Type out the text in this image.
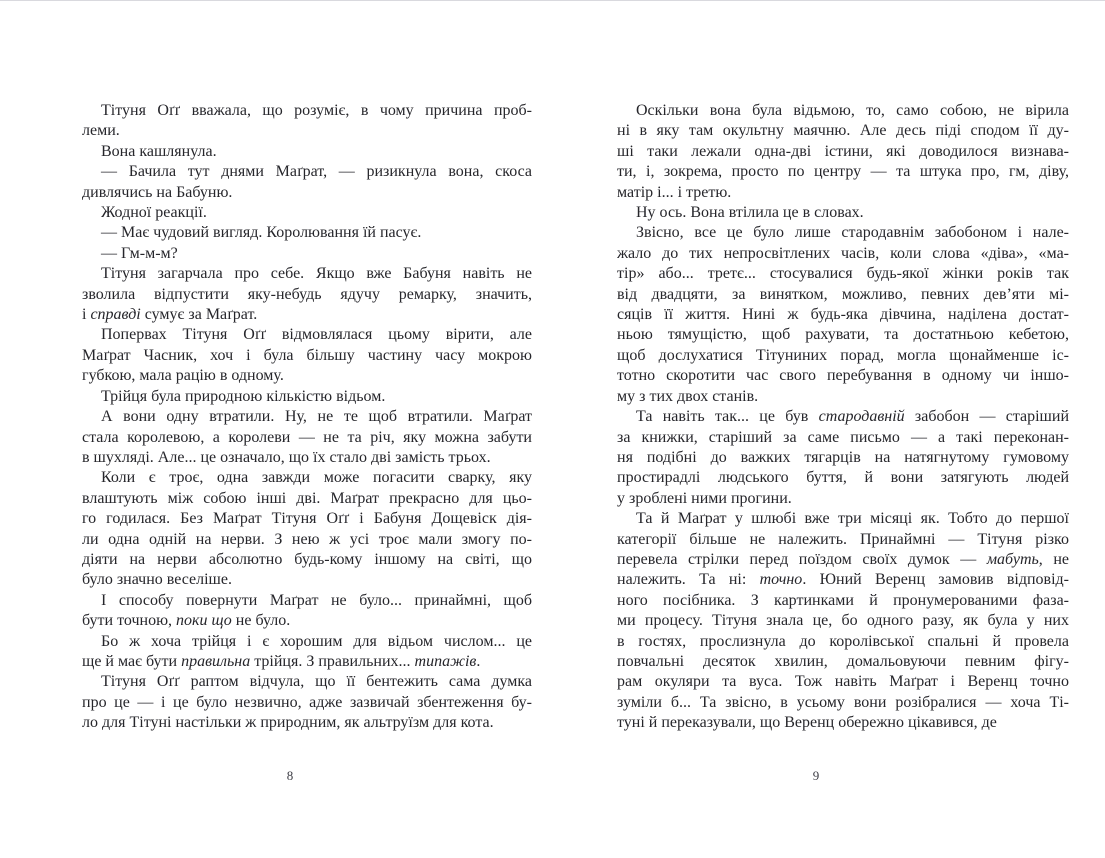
Тітуня Оґґ вважала, що розуміє, в чому причина проб-
леми.
Вона кашлянула.
— Бачила тут днями Маґрат, — ризикнула вона, скоса
дивлячись на Бабуню.
Жодної реакції.
— Має чудовий вигляд. Королювання їй пасує.
— Гм-м-м?
Тітуня загарчала про себе. Якщо вже Бабуня навіть не
зволила відпустити яку-небудь ядучу ремарку, значить,
і справді сумує за Маґрат.
Попервах Тітуня Оґґ відмовлялася цьому вірити, але
Маґрат Часник, хоч і була більшу частину часу мокрою
губкою, мала рацію в одному.
Трійця була природною кількістю відьом.
А вони одну втратили. Ну, не те щоб втратили. Маґрат
стала королевою, а королеви — не та річ, яку можна забути
в шухляді. Але... це означало, що їх стало дві замість трьох.
Коли є троє, одна завжди може погасити сварку, яку
влаштують між собою інші дві. Маґрат прекрасно для цьо-
го годилася. Без Маґрат Тітуня Оґґ і Бабуня Дощевіск дія-
ли одна одній на нерви. З нею ж усі троє мали змогу по-
діяти на нерви абсолютно будь-кому іншому на світі, що
було значно веселіше.
І способу повернути Маґрат не було... принаймні, щоб
бути точною, поки що не було.
Бо ж хоча трійця і є хорошим для відьом числом... це
ще й має бути правильна трійця. З правильних... типажів.
Тітуня Оґґ раптом відчула, що її бентежить сама думка
про це — і це було незвично, адже зазвичай збентеження бу-
ло для Тітуні настільки ж природним, як альтруїзм для кота.
8
Оскільки вона була відьмою, то, само собою, не вірила
ні в яку там окультну маячню. Але десь піді сподом її ду-
ші таки лежали одна-дві істини, які доводилося визнава-
ти, і, зокрема, просто по центру — та штука про, гм, діву,
матір і... і третю.
Ну ось. Вона втілила це в словах.
Звісно, все це було лише стародавнім забобоном і нале-
жало до тих непросвітлених часів, коли слова «діва», «ма-
тір» або... третє... стосувалися будь-якої жінки років так
від двадцяти, за винятком, можливо, певних дев’яти мі-
сяців її життя. Нині ж будь-яка дівчина, наділена достат-
ньою тямущістю, щоб рахувати, та достатньою кебетою,
щоб дослухатися Тітуниних порад, могла щонайменше іс-
тотно скоротити час свого перебування в одному чи іншо-
му з тих двох станів.
Та навіть так... це був стародавній забобон — старіший
за книжки, старіший за саме письмо — а такі переконан-
ня подібні до важких тягарців на натягнутому гумовому
простирадлі людського буття, й вони затягують людей
у зроблені ними прогини.
Та й Маґрат у шлюбі вже три місяці як. Тобто до першої
категорії більше не належить. Принаймні — Тітуня різко
перевела стрілки перед поїздом своїх думок — мабуть, не
належить. Та ні: точно. Юний Веренц замовив відповід-
ного посібника. З картинками й пронумерованими фаза-
ми процесу. Тітуня знала це, бо одного разу, як була у них
в гостях, прослизнула до королівської спальні й провела
повчальні десяток хвилин, домальовуючи певним фігу-
рам окуляри та вуса. Тож навіть Маґрат і Веренц точно
зуміли б... Та звісно, в усьому вони розібралися — хоча Ті-
туні й переказували, що Веренц обережно цікавився, де
9
